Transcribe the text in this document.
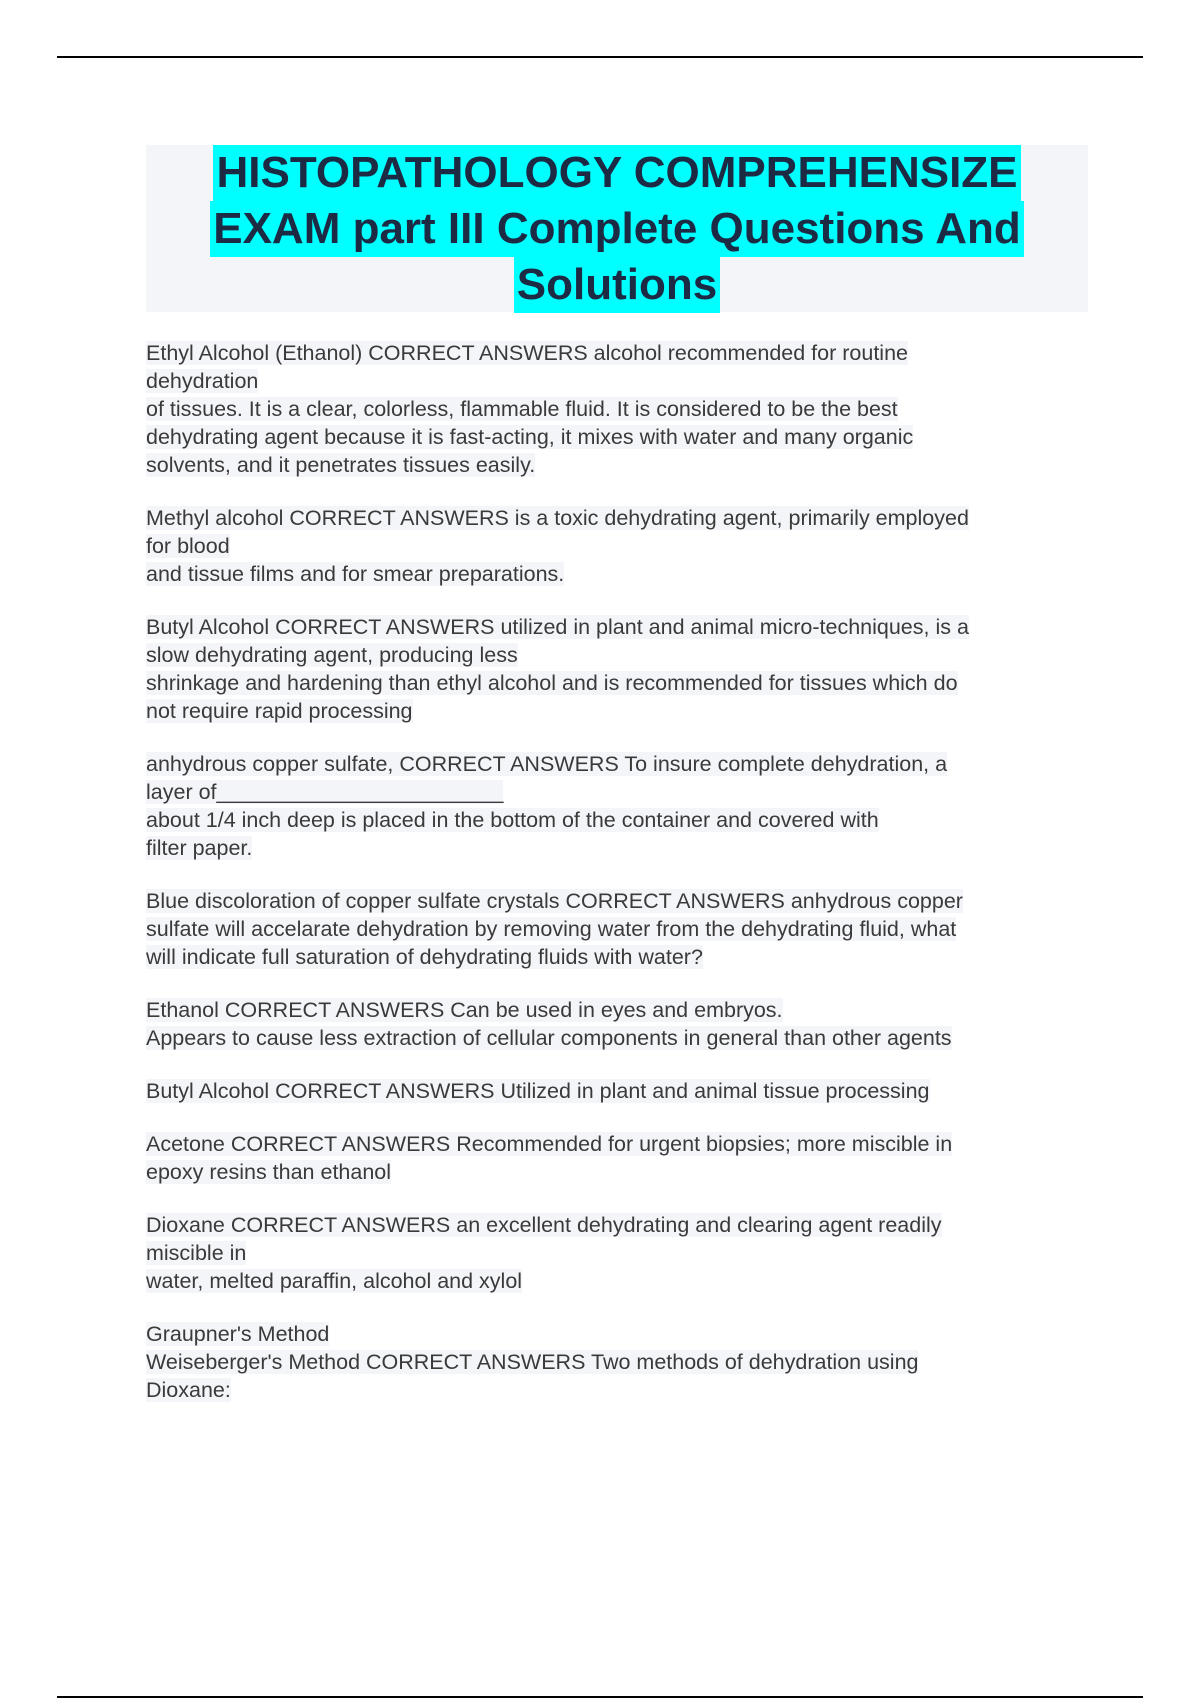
HISTOPATHOLOGY COMPREHENSIZE
EXAM part III Complete Questions And
Solutions
Ethyl Alcohol (Ethanol) CORRECT ANSWERS alcohol recommended for routine
dehydration
of tissues. It is a clear, colorless, flammable fluid. It is considered to be the best
dehydrating agent because it is fast-acting, it mixes with water and many organic
solvents, and it penetrates tissues easily.
Methyl alcohol CORRECT ANSWERS is a toxic dehydrating agent, primarily employed
for blood
and tissue films and for smear preparations.
Butyl Alcohol CORRECT ANSWERS utilized in plant and animal micro-techniques, is a
slow dehydrating agent, producing less
shrinkage and hardening than ethyl alcohol and is recommended for tissues which do
not require rapid processing
anhydrous copper sulfate, CORRECT ANSWERS To insure complete dehydration, a
layer of________________________
about 1/4 inch deep is placed in the bottom of the container and covered with
filter paper.
Blue discoloration of copper sulfate crystals CORRECT ANSWERS anhydrous copper
sulfate will accelarate dehydration by removing water from the dehydrating fluid, what
will indicate full saturation of dehydrating fluids with water?
Ethanol CORRECT ANSWERS Can be used in eyes and embryos.
Appears to cause less extraction of cellular components in general than other agents
Butyl Alcohol CORRECT ANSWERS Utilized in plant and animal tissue processing
Acetone CORRECT ANSWERS Recommended for urgent biopsies; more miscible in
epoxy resins than ethanol
Dioxane CORRECT ANSWERS an excellent dehydrating and clearing agent readily
miscible in
water, melted paraffin, alcohol and xylol
Graupner's Method
Weiseberger's Method CORRECT ANSWERS Two methods of dehydration using
Dioxane:
